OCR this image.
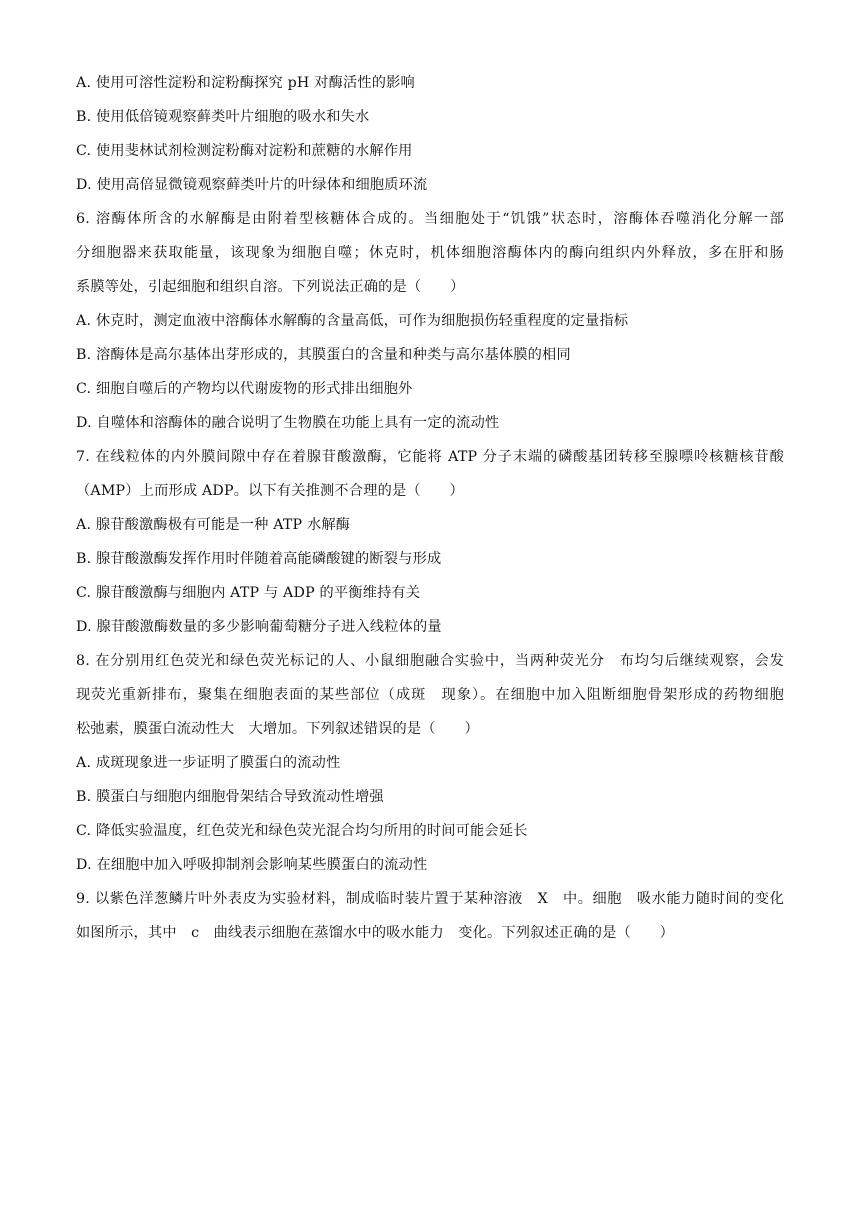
A. 使用可溶性淀粉和淀粉酶探究 pH 对酶活性的影响
B. 使用低倍镜观察藓类叶片细胞的吸水和失水
C. 使用斐林试剂检测淀粉酶对淀粉和蔗糖的水解作用
D. 使用高倍显微镜观察藓类叶片的叶绿体和细胞质环流
6. 溶酶体所含的水解酶是由附着型核糖体合成的。当细胞处于“饥饿”状态时，溶酶体吞噬消化分解一部
分细胞器来获取能量，该现象为细胞自噬；休克时，机体细胞溶酶体内的酶向组织内外释放，多在肝和肠
系膜等处，引起细胞和组织自溶。下列说法正确的是（　　）
A. 休克时，测定血液中溶酶体水解酶的含量高低，可作为细胞损伤轻重程度的定量指标
B. 溶酶体是高尔基体出芽形成的，其膜蛋白的含量和种类与高尔基体膜的相同
C. 细胞自噬后的产物均以代谢废物的形式排出细胞外
D. 自噬体和溶酶体的融合说明了生物膜在功能上具有一定的流动性
7. 在线粒体的内外膜间隙中存在着腺苷酸激酶，它能将 ATP 分子末端的磷酸基团转移至腺嘌呤核糖核苷酸
（AMP）上而形成 ADP。以下有关推测不合理的是（　　）
A. 腺苷酸激酶极有可能是一种 ATP 水解酶
B. 腺苷酸激酶发挥作用时伴随着高能磷酸键的断裂与形成
C. 腺苷酸激酶与细胞内 ATP 与 ADP 的平衡维持有关
D. 腺苷酸激酶数量的多少影响葡萄糖分子进入线粒体的量
8. 在分别用红色荧光和绿色荧光标记的人、小鼠细胞融合实验中，当两种荧光分　布均匀后继续观察，会发
现荧光重新排布，聚集在细胞表面的某些部位（成斑　现象）。在细胞中加入阻断细胞骨架形成的药物细胞
松弛素，膜蛋白流动性大　大增加。下列叙述错误的是（　　）
A. 成斑现象进一步证明了膜蛋白的流动性
B. 膜蛋白与细胞内细胞骨架结合导致流动性增强
C. 降低实验温度，红色荧光和绿色荧光混合均匀所用的时间可能会延长
D. 在细胞中加入呼吸抑制剂会影响某些膜蛋白的流动性
9. 以紫色洋葱鳞片叶外表皮为实验材料，制成临时装片置于某种溶液　X　中。细胞　吸水能力随时间的变化
如图所示，其中　c　曲线表示细胞在蒸馏水中的吸水能力　变化。下列叙述正确的是（　　）
